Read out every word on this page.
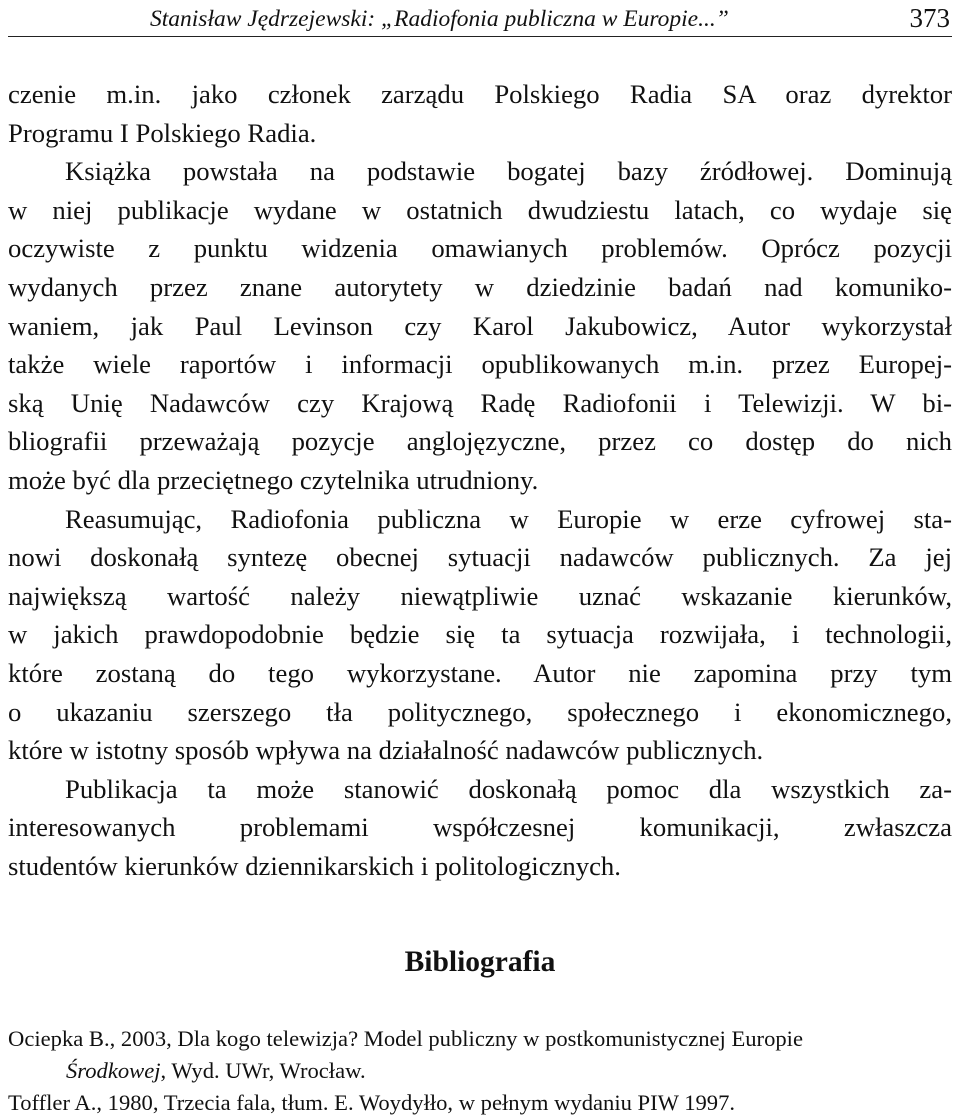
Stanisław Jędrzejewski: „Radiofonia publiczna w Europie...”	373
czenie m.in. jako członek zarządu Polskiego Radia SA oraz dyrektor
Programu I Polskiego Radia.
Książka powstała na podstawie bogatej bazy źródłowej. Dominują
w niej publikacje wydane w ostatnich dwudziestu latach, co wydaje się
oczywiste z punktu widzenia omawianych problemów. Oprócz pozycji
wydanych przez znane autorytety w dziedzinie badań nad komuniko-
waniem, jak Paul Levinson czy Karol Jakubowicz, Autor wykorzystał
także wiele raportów i informacji opublikowanych m.in. przez Europej-
ską Unię Nadawców czy Krajową Radę Radiofonii i Telewizji. W bi-
bliografii przeważają pozycje anglojęzyczne, przez co dostęp do nich
może być dla przeciętnego czytelnika utrudniony.
Reasumując, Radiofonia publiczna w Europie w erze cyfrowej sta-
nowi doskonałą syntezę obecnej sytuacji nadawców publicznych. Za jej
największą wartość należy niewątpliwie uznać wskazanie kierunków,
w jakich prawdopodobnie będzie się ta sytuacja rozwijała, i technologii,
które zostaną do tego wykorzystane. Autor nie zapomina przy tym
o ukazaniu szerszego tła politycznego, społecznego i ekonomicznego,
które w istotny sposób wpływa na działalność nadawców publicznych.
Publikacja ta może stanowić doskonałą pomoc dla wszystkich za-
interesowanych problemami współczesnej komunikacji, zwłaszcza
studentów kierunków dziennikarskich i politologicznych.
Bibliografia
Ociepka B., 2003, Dla kogo telewizja? Model publiczny w postkomunistycznej Europie
Środkowej, Wyd. UWr, Wrocław.
Toffler A., 1980, Trzecia fala, tłum. E. Woydyłło, w pełnym wydaniu PIW 1997.
